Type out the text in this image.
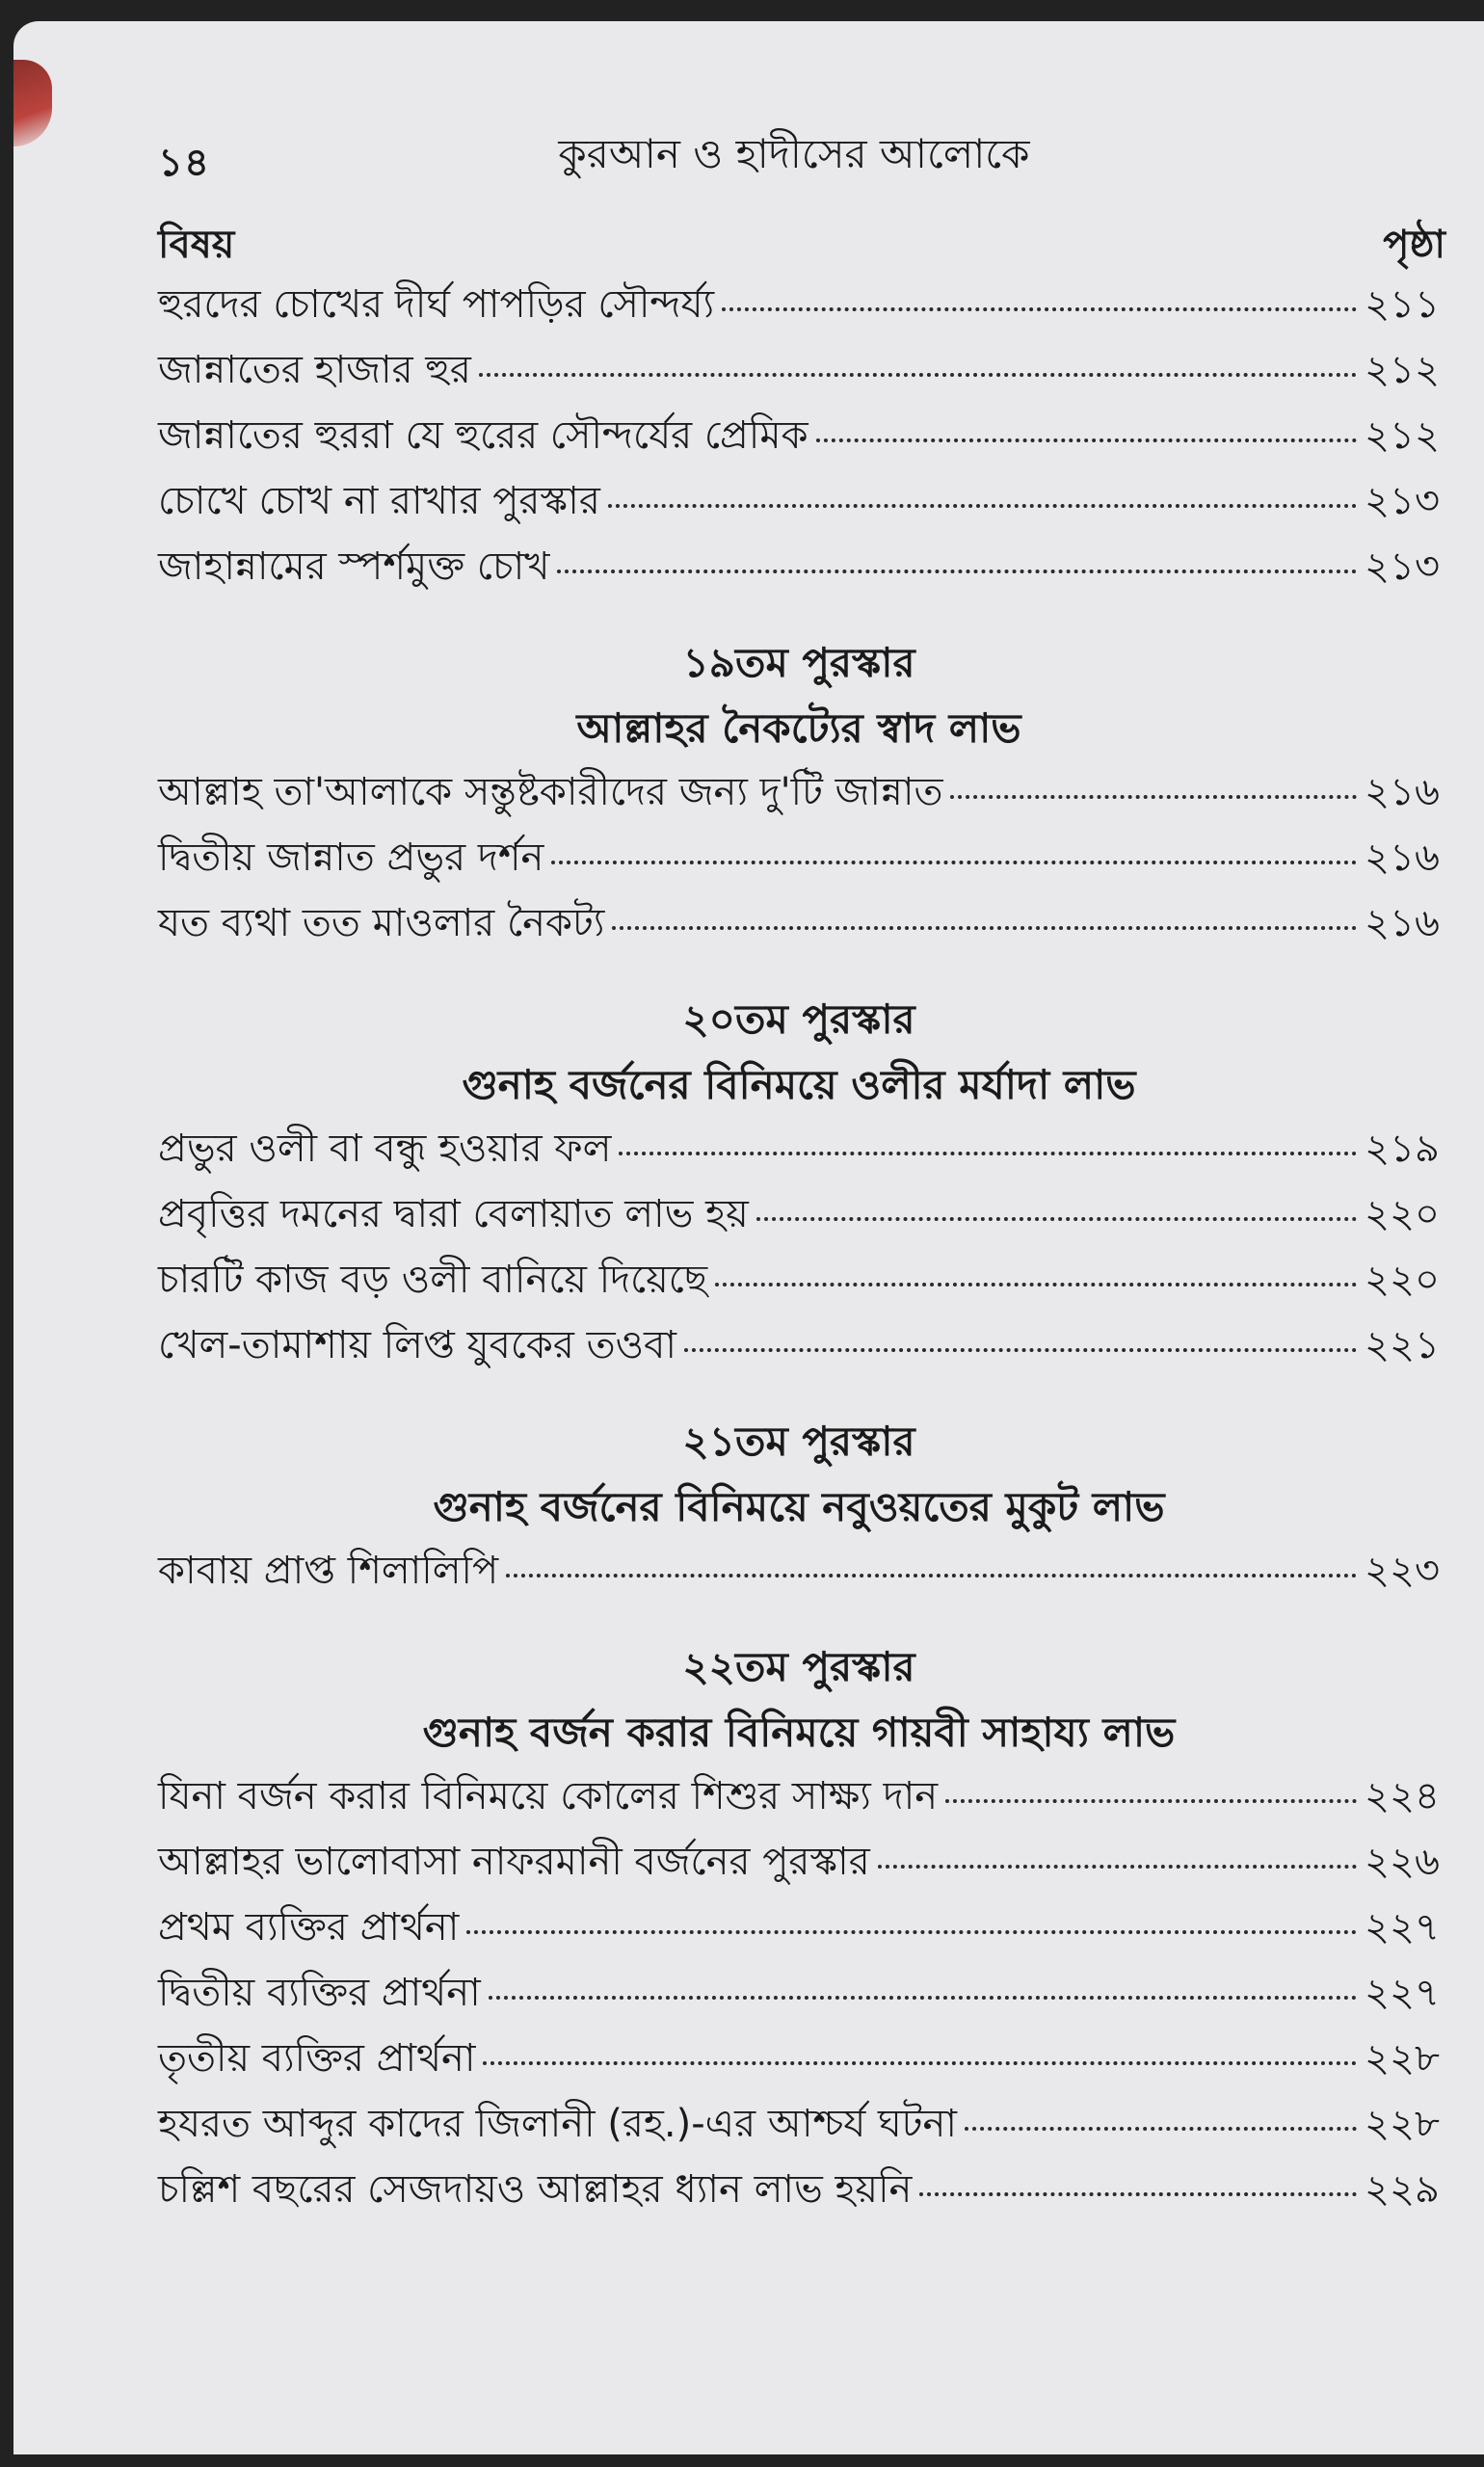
১৪	কুরআন ও হাদীসের আলোকে
বিষয়	পৃষ্ঠা
হুরদের চোখের দীর্ঘ পাপড়ির সৌন্দর্য্য	২১১
জান্নাতের হাজার হুর	২১২
জান্নাতের হুররা যে হুরের সৌন্দর্যের প্রেমিক	২১২
চোখে চোখ না রাখার পুরস্কার	২১৩
জাহান্নামের স্পর্শমুক্ত চোখ	২১৩
১৯তম পুরস্কার
আল্লাহর নৈকট্যের স্বাদ লাভ
আল্লাহ তা'আলাকে সন্তুষ্টকারীদের জন্য দু'টি জান্নাত	২১৬
দ্বিতীয় জান্নাত প্রভুর দর্শন	২১৬
যত ব্যথা তত মাওলার নৈকট্য	২১৬
২০তম পুরস্কার
গুনাহ বর্জনের বিনিময়ে ওলীর মর্যাদা লাভ
প্রভুর ওলী বা বন্ধু হওয়ার ফল	২১৯
প্রবৃত্তির দমনের দ্বারা বেলায়াত লাভ হয়	২২০
চারটি কাজ বড় ওলী বানিয়ে দিয়েছে	২২০
খেল-তামাশায় লিপ্ত যুবকের তওবা	২২১
২১তম পুরস্কার
গুনাহ বর্জনের বিনিময়ে নবুওয়তের মুকুট লাভ
কাবায় প্রাপ্ত শিলালিপি	২২৩
২২তম পুরস্কার
গুনাহ বর্জন করার বিনিময়ে গায়বী সাহায্য লাভ
যিনা বর্জন করার বিনিময়ে কোলের শিশুর সাক্ষ্য দান	২২৪
আল্লাহর ভালোবাসা নাফরমানী বর্জনের পুরস্কার	২২৬
প্রথম ব্যক্তির প্রার্থনা	২২৭
দ্বিতীয় ব্যক্তির প্রার্থনা	২২৭
তৃতীয় ব্যক্তির প্রার্থনা	২২৮
হযরত আব্দুর কাদের জিলানী (রহ.)-এর আশ্চর্য ঘটনা	২২৮
চল্লিশ বছরের সেজদায়ও আল্লাহর ধ্যান লাভ হয়নি	২২৯
